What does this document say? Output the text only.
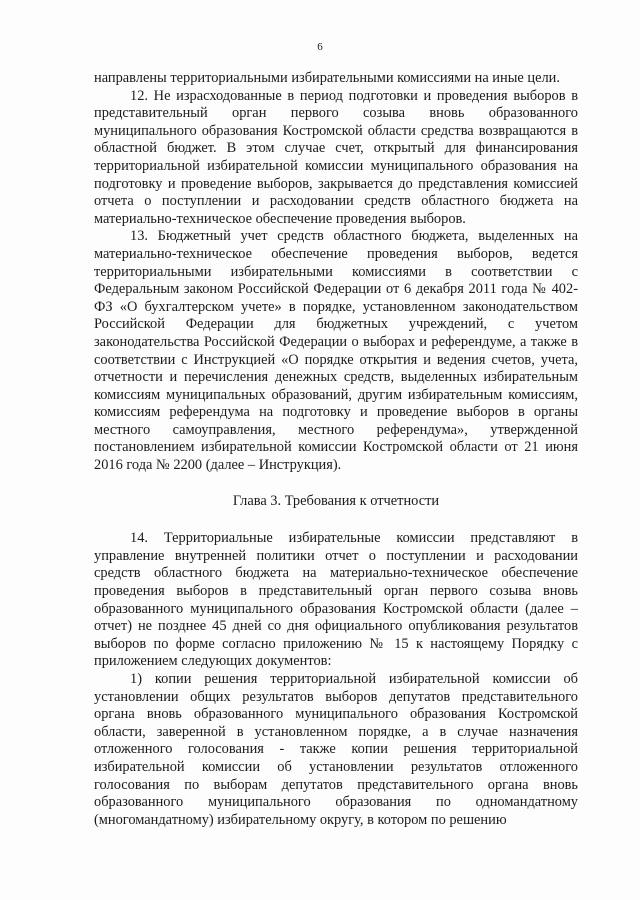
6

направлены территориальными избирательными комиссиями на иные цели.

12. Не израсходованные в период подготовки и проведения выборов в представительный орган первого созыва вновь образованного муниципального образования Костромской области средства возвращаются в областной бюджет. В этом случае счет, открытый для финансирования территориальной избирательной комиссии муниципального образования на подготовку и проведение выборов, закрывается до представления комиссией отчета о поступлении и расходовании средств областного бюджета на материально-техническое обеспечение проведения выборов.

13. Бюджетный учет средств областного бюджета, выделенных на материально-техническое обеспечение проведения выборов, ведется территориальными избирательными комиссиями в соответствии с Федеральным законом Российской Федерации от 6 декабря 2011 года № 402-ФЗ «О бухгалтерском учете» в порядке, установленном законодательством Российской Федерации для бюджетных учреждений, с учетом законодательства Российской Федерации о выборах и референдуме, а также в соответствии с Инструкцией «О порядке открытия и ведения счетов, учета, отчетности и перечисления денежных средств, выделенных избирательным комиссиям муниципальных образований, другим избирательным комиссиям, комиссиям референдума на подготовку и проведение выборов в органы местного самоуправления, местного референдума», утвержденной постановлением избирательной комиссии Костромской области от 21 июня 2016 года № 2200 (далее – Инструкция).

Глава 3. Требования к отчетности

14. Территориальные избирательные комиссии представляют в управление внутренней политики отчет о поступлении и расходовании средств областного бюджета на материально-техническое обеспечение проведения выборов в представительный орган первого созыва вновь образованного муниципального образования Костромской области (далее – отчет) не позднее 45 дней со дня официального опубликования результатов выборов по форме согласно приложению № 15 к настоящему Порядку с приложением следующих документов:

1) копии решения территориальной избирательной комиссии об установлении общих результатов выборов депутатов представительного органа вновь образованного муниципального образования Костромской области, заверенной в установленном порядке, а в случае назначения отложенного голосования - также копии решения территориальной избирательной комиссии об установлении результатов отложенного голосования по выборам депутатов представительного органа вновь образованного муниципального образования по одномандатному (многомандатному) избирательному округу, в котором по решению
